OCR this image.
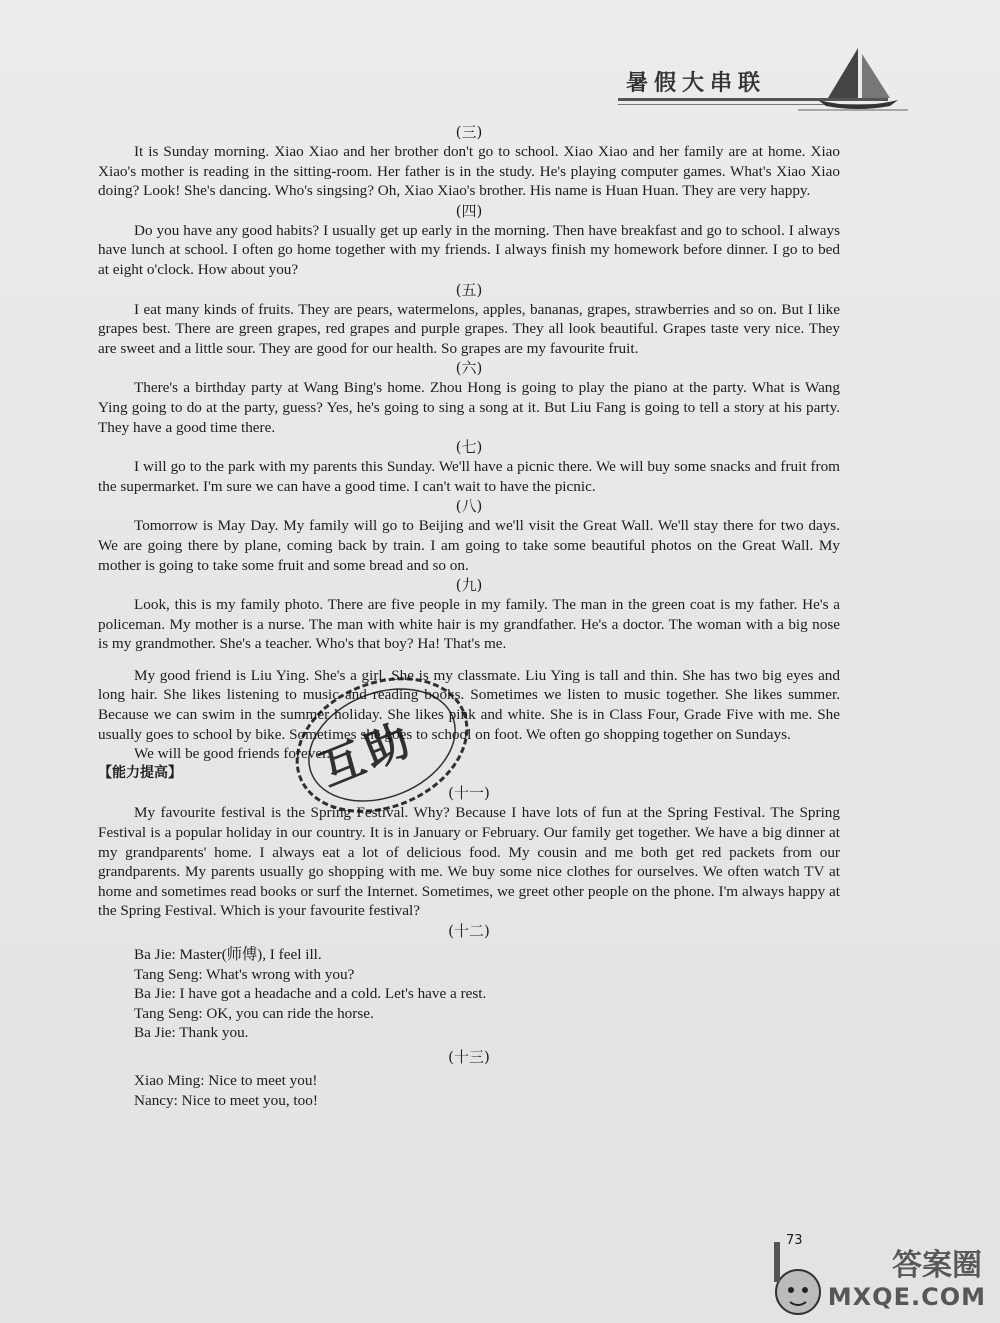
暑假大串联
(三)

It is Sunday morning. Xiao Xiao and her brother don't go to school. Xiao Xiao and her family are at home. Xiao Xiao's mother is reading in the sitting-room. Her father is in the study. He's playing computer games. What's Xiao Xiao doing? Look! She's dancing. Who's singsing? Oh, Xiao Xiao's brother. His name is Huan Huan. They are very happy.

(四)

Do you have any good habits? I usually get up early in the morning. Then have breakfast and go to school. I always have lunch at school. I often go home together with my friends. I always finish my homework before dinner. I go to bed at eight o'clock. How about you?

(五)

I eat many kinds of fruits. They are pears, watermelons, apples, bananas, grapes, strawberries and so on. But I like grapes best. There are green grapes, red grapes and purple grapes. They all look beautiful. Grapes taste very nice. They are sweet and a little sour. They are good for our health. So grapes are my favourite fruit.

(六)

There's a birthday party at Wang Bing's home. Zhou Hong is going to play the piano at the party. What is Wang Ying going to do at the party, guess? Yes, he's going to sing a song at it. But Liu Fang is going to tell a story at his party. They have a good time there.

(七)

I will go to the park with my parents this Sunday. We'll have a picnic there. We will buy some snacks and fruit from the supermarket. I'm sure we can have a good time. I can't wait to have the picnic.

(八)

Tomorrow is May Day. My family will go to Beijing and we'll visit the Great Wall. We'll stay there for two days. We are going there by plane, coming back by train. I am going to take some beautiful photos on the Great Wall. My mother is going to take some fruit and some bread and so on.

(九)

Look, this is my family photo. There are five people in my family. The man in the green coat is my father. He's a policeman. My mother is a nurse. The man with white hair is my grandfather. He's a doctor. The woman with a big nose is my grandmother. She's a teacher. Who's that boy? Ha! That's me.

My good friend is Liu Ying. She's a girl. She is my classmate. Liu Ying is tall and thin. She has two big eyes and long hair. She likes listening to music and reading books. Sometimes we listen to music together. She likes summer. Because we can swim in the summer holiday. She likes pink and white. She is in Class Four, Grade Five with me. She usually goes to school by bike. Sometimes she goes to school on foot. We often go shopping together on Sundays.

We will be good friends forever.

【能力提高】
(十一)

My favourite festival is the Spring Festival. Why? Because I have lots of fun at the Spring Festival. The Spring Festival is a popular holiday in our country. It is in January or February. Our family get together. We have a big dinner at my grandparents' home. I always eat a lot of delicious food. My cousin and me both get red packets from our grandparents. My parents usually go shopping with me. We buy some nice clothes for ourselves. We often watch TV at home and sometimes read books or surf the Internet. Sometimes, we greet other people on the phone. I'm always happy at the Spring Festival. Which is your favourite festival?

(十二)
Ba Jie: Master(师傅), I feel ill.
Tang Seng: What's wrong with you?
Ba Jie: I have got a headache and a cold. Let's have a rest.
Tang Seng: OK, you can ride the horse.
Ba Jie: Thank you.
(十三)
Xiao Ming: Nice to meet you!
Nancy: Nice to meet you, too!
互助
73
答案圈
MXQE.COM
